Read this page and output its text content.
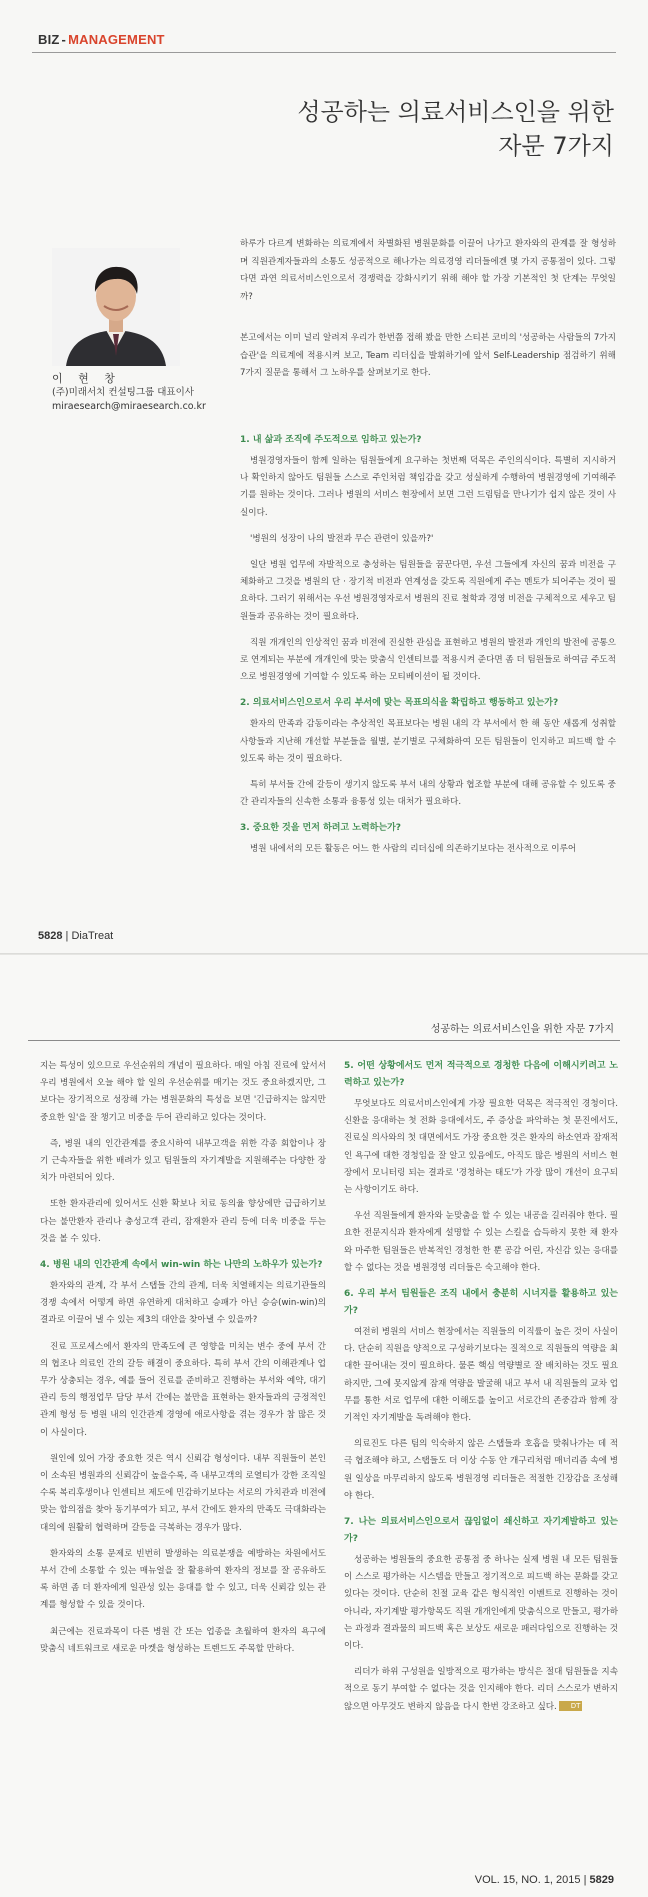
BIZ - MANAGEMENT
성공하는 의료서비스인을 위한
자문 7가지
이 현 창
(주)미래서치 컨설팅그룹 대표이사
miraesearch@miraesearch.co.kr
하루가 다르게 변화하는 의료계에서 차별화된 병원문화를 이끌어 나가고 환자와의 관계를 잘 형성하며 직원관계자들과의 소통도 성공적으로 해나가는 의료경영 리더들에겐 몇 가지 공통점이 있다. 그렇다면 과연 의료서비스인으로서 경쟁력을 강화시키기 위해 해야 할 가장 기본적인 첫 단계는 무엇일까?
본고에서는 이미 널리 알려져 우리가 한번쯤 접해 봤을 만한 스티븐 코비의 '성공하는 사람들의 7가지 습관'을 의료계에 적용시켜 보고, Team 리더십을 발휘하기에 앞서 Self-Leadership 점검하기 위해 7가지 질문을 통해서 그 노하우를 살펴보기로 한다.
1. 내 삶과 조직에 주도적으로 임하고 있는가?

병원경영자들이 함께 일하는 팀원들에게 요구하는 첫번째 덕목은 주인의식이다. 특별히 지시하거나 확인하지 않아도 팀원들 스스로 주인처럼 책임감을 갖고 성실하게 수행하여 병원경영에 기여해주기를 원하는 것이다. 그러나 병원의 서비스 현장에서 보면 그런 드림팀을 만나기가 쉽지 않은 것이 사실이다.

'병원의 성장이 나의 발전과 무슨 관련이 있을까?'

일단 병원 업무에 자발적으로 충성하는 팀원들을 꿈꾼다면, 우선 그들에게 자신의 꿈과 비전을 구체화하고 그것을 병원의 단 · 장기적 비전과 연계성을 갖도록 직원에게 주는 멘토가 되어주는 것이 필요하다. 그러기 위해서는 우선 병원경영자로서 병원의 진료 철학과 경영 비전을 구체적으로 세우고 팀원들과 공유하는 것이 필요하다.

직원 개개인의 인상적인 꿈과 비전에 진실한 관심을 표현하고 병원의 발전과 개인의 발전에 공통으로 연계되는 부분에 개개인에 맞는 맞춤식 인센티브를 적용시켜 준다면 좀 더 팀원들로 하여금 주도적으로 병원경영에 기여할 수 있도록 하는 모티베이션이 될 것이다.

2. 의료서비스인으로서 우리 부서에 맞는 목표의식을 확립하고 행동하고 있는가?

환자의 만족과 감동이라는 추상적인 목표보다는 병원 내의 각 부서에서 한 해 동안 새롭게 성취할 사항들과 지난해 개선할 부분들을 월별, 분기별로 구체화하여 모든 팀원들이 인지하고 피드백 할 수 있도록 하는 것이 필요하다.

특히 부서들 간에 갈등이 생기지 않도록 부서 내의 상황과 협조할 부분에 대해 공유할 수 있도록 중간 관리자들의 신속한 소통과 융통성 있는 대처가 필요하다.

3. 중요한 것을 먼저 하려고 노력하는가?

병원 내에서의 모든 활동은 어느 한 사람의 리더십에 의존하기보다는 전사적으로 이루어

5828 | DiaTreat
성공하는 의료서비스인을 위한 자문 7가지

지는 특성이 있으므로 우선순위의 개념이 필요하다. 매일 아침 진료에 앞서서 우리 병원에서 오늘 해야 할 일의 우선순위를 매기는 것도 중요하겠지만, 그보다는 장기적으로 성장해 가는 병원문화의 특성을 보면 '긴급하지는 않지만 중요한 일'을 잘 챙기고 비중을 두어 관리하고 있다는 것이다.

즉, 병원 내의 인간관계를 중요시하여 내부고객을 위한 각종 회합이나 장기 근속자들을 위한 배려가 있고 팀원들의 자기계발을 지원해주는 다양한 장치가 마련되어 있다.

또한 환자관리에 있어서도 신환 확보나 치료 동의율 향상에만 급급하기보다는 불만환자 관리나 충성고객 관리, 잠재환자 관리 등에 더욱 비중을 두는 것을 볼 수 있다.

4. 병원 내의 인간관계 속에서 win-win 하는 나만의 노하우가 있는가?

환자와의 관계, 각 부서 스탭들 간의 관계, 더욱 치열해지는 의료기관들의 경쟁 속에서 어떻게 하면 유연하게 대처하고 승패가 아닌 승승(win-win)의 결과로 이끌어 낼 수 있는 제3의 대안을 찾아낼 수 있을까?

진료 프로세스에서 환자의 만족도에 큰 영향을 미치는 변수 중에 부서 간의 협조나 의료인 간의 갈등 해결이 중요하다. 특히 부서 간의 이해관계나 업무가 상충되는 경우, 예를 들어 진료를 준비하고 진행하는 부서와 예약, 대기 관리 등의 행정업무 담당 부서 간에는 불만을 표현하는 환자들과의 긍정적인 관계 형성 등 병원 내의 인간관계 경영에 애로사항을 겪는 경우가 참 많은 것이 사실이다.

원인에 있어 가장 중요한 것은 역시 신뢰감 형성이다. 내부 직원들이 본인이 소속된 병원과의 신뢰감이 높을수록, 즉 내부고객의 로열티가 강한 조직일수록 복리후생이나 인센티브 제도에 민감하기보다는 서로의 가치관과 비전에 맞는 합의점을 찾아 동기부여가 되고, 부서 간에도 환자의 만족도 극대화라는 대의에 원활히 협력하며 갈등을 극복하는 경우가 많다.

환자와의 소통 문제로 빈번히 발생하는 의료분쟁을 예방하는 차원에서도 부서 간에 소통할 수 있는 매뉴얼을 잘 활용하여 환자의 정보를 잘 공유하도록 하면 좀 더 환자에게 일관성 있는 응대를 할 수 있고, 더욱 신뢰감 있는 관계를 형성할 수 있을 것이다.

최근에는 진료과목이 다른 병원 간 또는 업종을 초월하여 환자의 욕구에 맞춤식 네트워크로 새로운 마켓을 형성하는 트렌드도 주목할 만하다.

5. 어떤 상황에서도 먼저 적극적으로 경청한 다음에 이해시키려고 노력하고 있는가?

무엇보다도 의료서비스인에게 가장 필요한 덕목은 적극적인 경청이다. 신환을 응대하는 첫 전화 응대에서도, 주 증상을 파악하는 첫 문진에서도, 진료실 의사와의 첫 대면에서도 가장 중요한 것은 환자의 하소연과 잠재적인 욕구에 대한 경청임을 잘 알고 있음에도, 아직도 많은 병원의 서비스 현장에서 모니터링 되는 결과로 '경청하는 태도'가 가장 많이 개선이 요구되는 사항이기도 하다.

우선 직원들에게 환자와 눈맞춤을 할 수 있는 내공을 길러줘야 한다. 필요한 전문지식과 환자에게 설명할 수 있는 스킬을 습득하지 못한 채 환자와 마주한 팀원들은 반복적인 경청한 한 뿐 공감 어린, 자신감 있는 응대를 할 수 없다는 것을 병원경영 리더들은 숙고해야 한다.

6. 우리 부서 팀원들은 조직 내에서 충분히 시너지를 활용하고 있는가?

여전히 병원의 서비스 현장에서는 직원들의 이직률이 높은 것이 사실이다. 단순히 직원을 양적으로 구성하기보다는 질적으로 직원들의 역량을 최대한 끌어내는 것이 필요하다. 물론 핵심 역량별로 잘 배치하는 것도 필요하지만, 그에 못지않게 잠재 역량을 발굴해 내고 부서 내 직원들의 교차 업무를 통한 서로 업무에 대한 이해도를 높이고 서로간의 존중감과 함께 장기적인 자기계발을 독려해야 한다.

의료진도 다른 팀의 익숙하지 않은 스탭들과 호흡을 맞춰나가는 데 적극 협조해야 하고, 스탭들도 더 이상 수동 안 개구리처럼 매너리즘 속에 병원 일상을 마무리하지 않도록 병원경영 리더들은 적절한 긴장감을 조성해야 한다.

7. 나는 의료서비스인으로서 끊임없이 쇄신하고 자기계발하고 있는가?

성공하는 병원들의 중요한 공통점 중 하나는 실제 병원 내 모든 팀원들이 스스로 평가하는 시스템을 만들고 정기적으로 피드백 하는 문화를 갖고 있다는 것이다. 단순히 친절 교육 같은 형식적인 이벤트로 진행하는 것이 아니라, 자기계발 평가항목도 직원 개개인에게 맞춤식으로 만들고, 평가하는 과정과 결과물의 피드백 혹은 보상도 새로운 패러다임으로 진행하는 것이다.

리더가 하위 구성원을 일방적으로 평가하는 방식은 절대 팀원들을 지속적으로 동기 부여할 수 없다는 것을 인지해야 한다. 리더 스스로가 변하지 않으면 아무것도 변하지 않음을 다시 한번 강조하고 싶다. DT

VOL. 15, NO. 1, 2015 | 5829
